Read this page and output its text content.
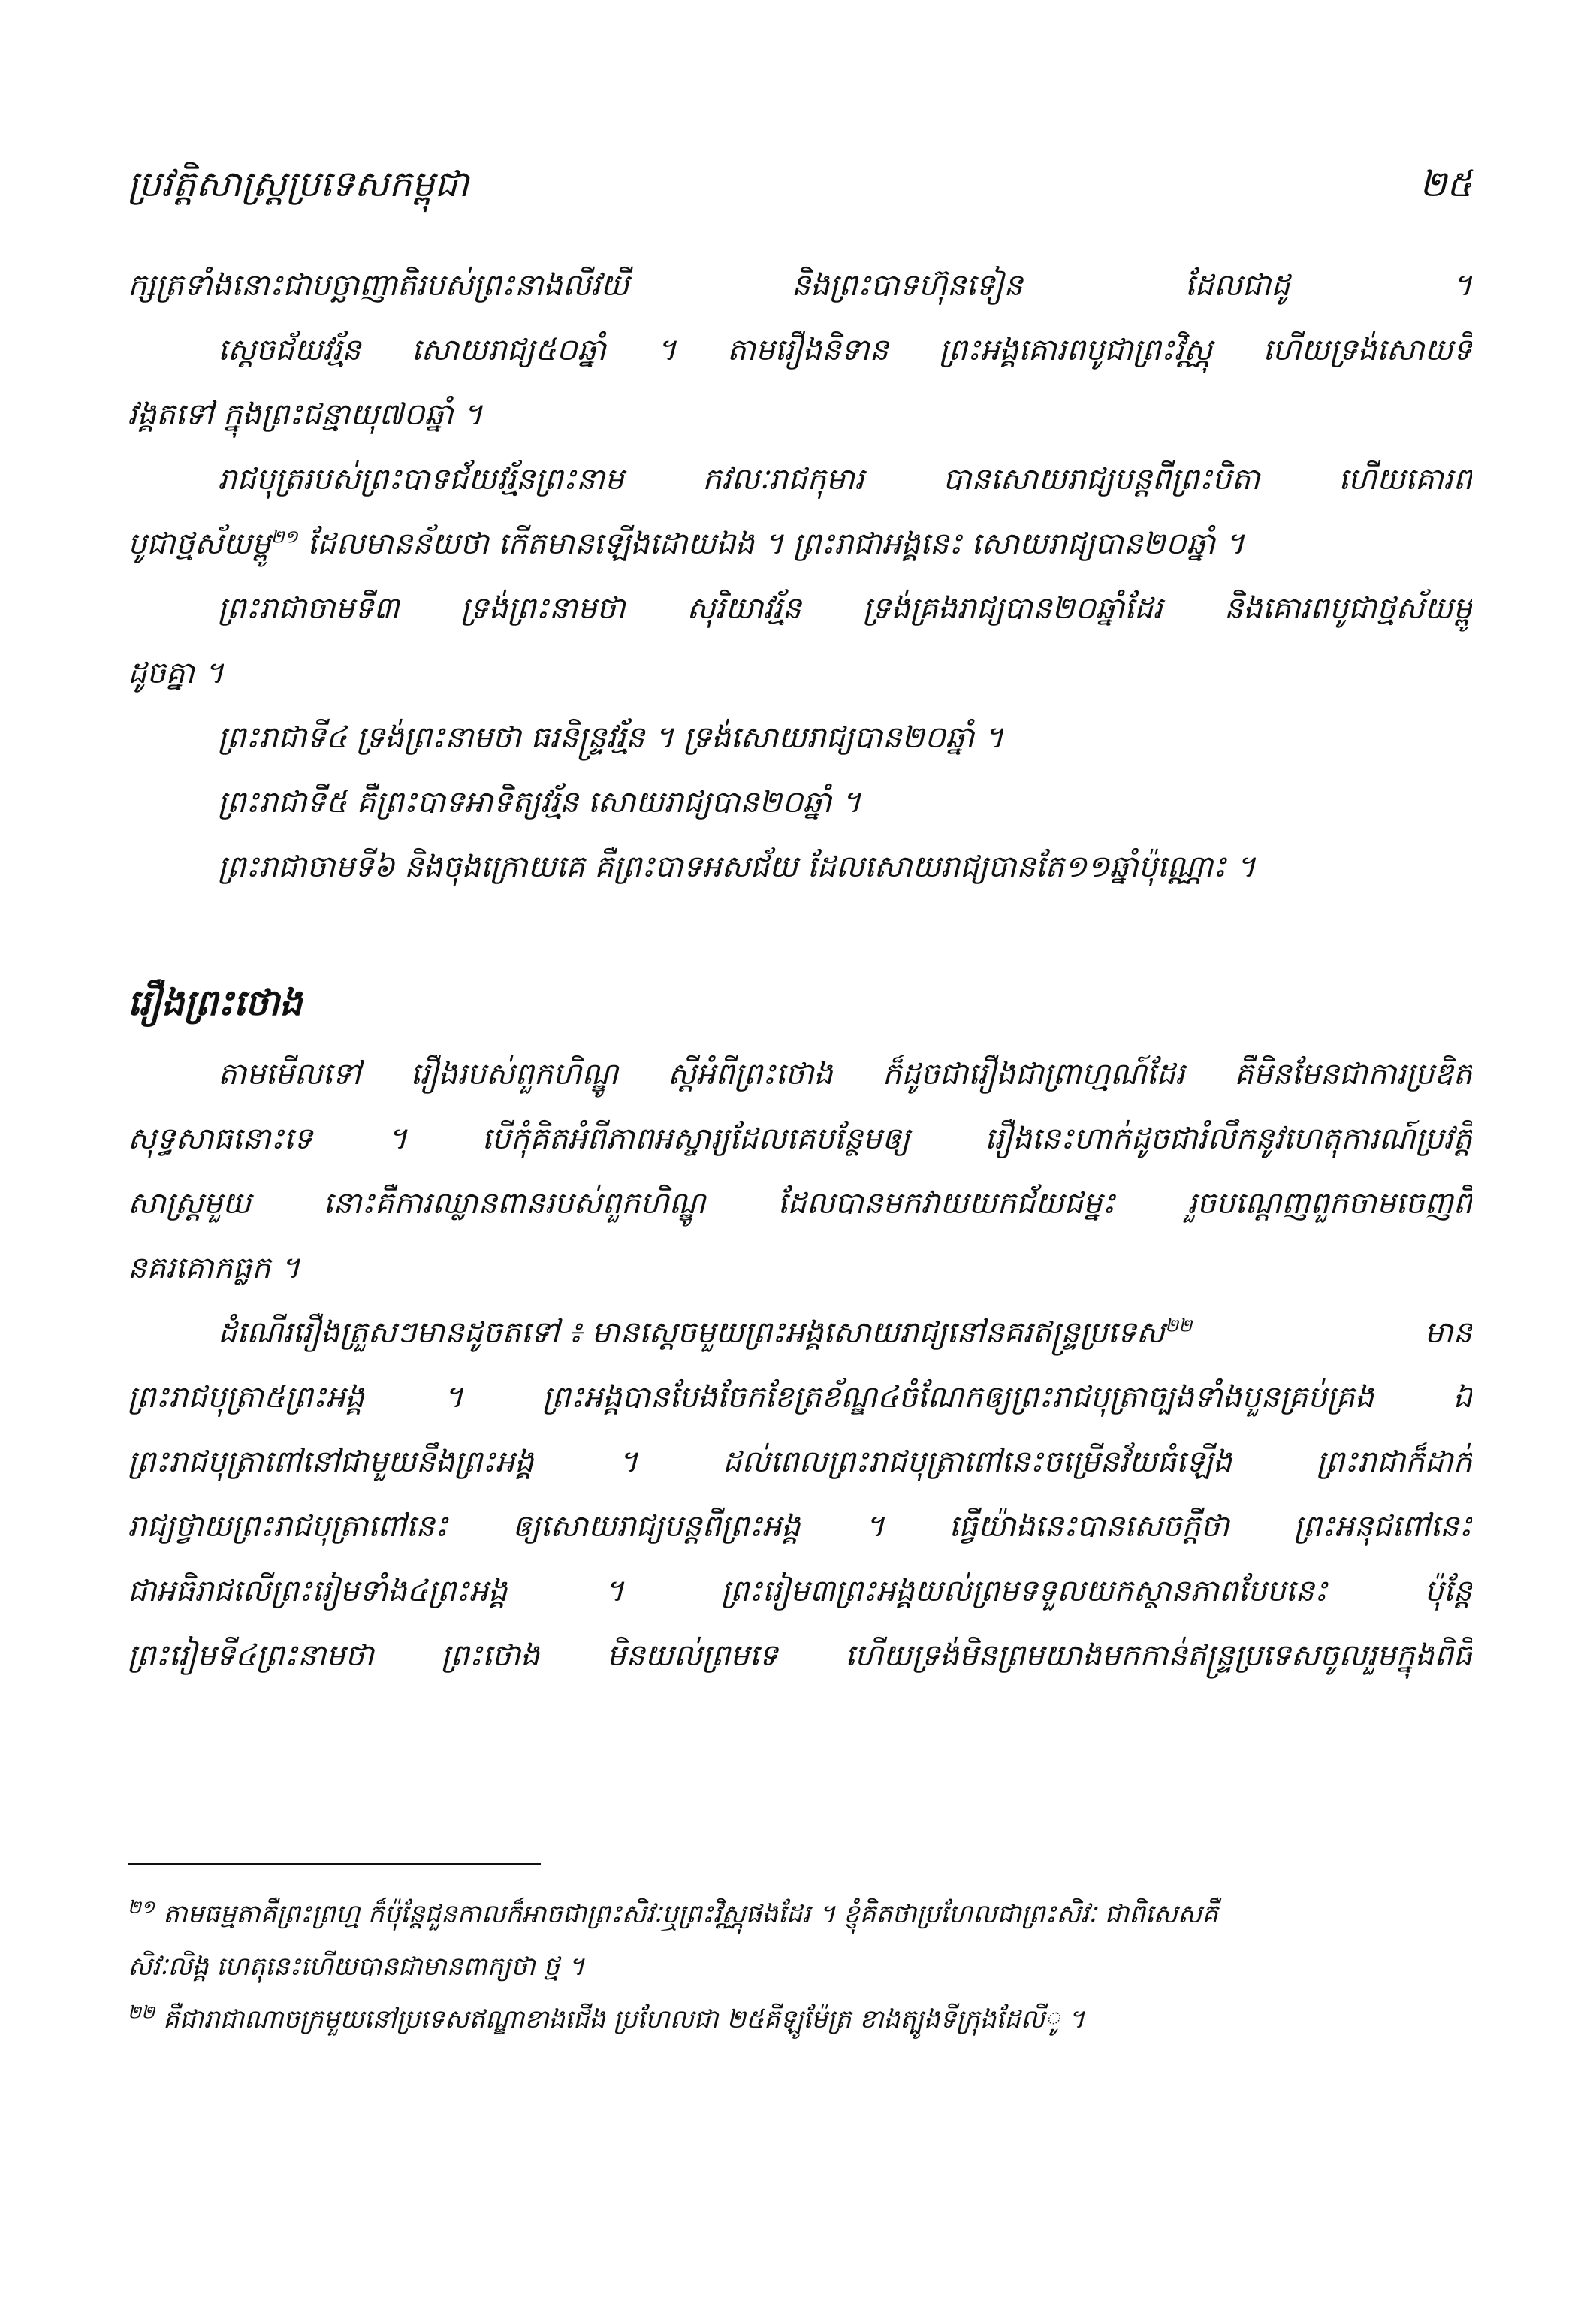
ប្រវត្តិសាស្ត្រប្រទេសកម្ពុជា	២៥
ក្សត្រទាំងនោះជាបច្ឆាញាតិរបស់ព្រះនាងលីវយី និងព្រះបាទហ៊ុនទៀន ដែលជាដូ ។
ស្ដេចជ័យវរ្ម័ន សោយរាជ្យ៥០ឆ្នាំ ។ តាមរឿងនិទាន ព្រះអង្គគោរពបូជាព្រះវិស្ណុ ហើយទ្រង់សោយទិ
វង្គតទៅ ក្នុងព្រះជន្មាយុ៧០ឆ្នាំ ។
រាជបុត្ររបស់ព្រះបាទជ័យវរ្ម័នព្រះនាម កវលៈរាជកុមារ បានសោយរាជ្យបន្តពីព្រះបិតា ហើយគោរព
បូជាថ្មស័យម្ពូ$^{២១}$ ដែលមានន័យថា កើតមានឡើងដោយឯង ។ ព្រះរាជាអង្គនេះ សោយរាជ្យបាន២០ឆ្នាំ ។
ព្រះរាជាចាមទី៣ ទ្រង់ព្រះនាមថា សុរិយាវរ្ម័ន ទ្រង់គ្រងរាជ្យបាន២០ឆ្នាំដែរ និងគោរពបូជាថ្មស័យម្ពូ
ដូចគ្នា ។
ព្រះរាជាទី៤ ទ្រង់ព្រះនាមថា ធរនិន្ទ្រវរ្ម័ន ។ ទ្រង់សោយរាជ្យបាន២០ឆ្នាំ ។
ព្រះរាជាទី៥ គឺព្រះបាទអាទិត្យវរ្ម័ន សោយរាជ្យបាន២០ឆ្នាំ ។
ព្រះរាជាចាមទី៦ និងចុងក្រោយគេ គឺព្រះបាទអសជ័យ ដែលសោយរាជ្យបានតែ១១ឆ្នាំប៉ុណ្ណោះ ។
រឿងព្រះថោង
តាមមើលទៅ រឿងរបស់ពួកហិណ្ឌូ ស្ដីអំពីព្រះថោង ក៏ដូចជារឿងជាព្រាហ្មណ៍ដែរ គឺមិនមែនជាការប្រឌិត
សុទ្ធសាធនោះទេ ។ បើកុំគិតអំពីភាពអស្ចារ្យដែលគេបន្ថែមឲ្យ រឿងនេះហាក់ដូចជារំលឹកនូវហេតុការណ៍ប្រវត្តិ
សាស្ត្រមួយ នោះគឺការឈ្លានពានរបស់ពួកហិណ្ឌូ ដែលបានមកវាយយកជ័យជម្នះ រួចបណ្ដេញពួកចាមចេញពី
នគរគោកធ្លក ។
ដំណើររឿងត្រួសៗមានដូចតទៅ ៖ មានស្ដេចមួយព្រះអង្គសោយរាជ្យនៅនគរឥន្ទ្រប្រទេស$^{២២}$	មាន
ព្រះរាជបុត្រា៥ព្រះអង្គ ។ ព្រះអង្គបានបែងចែកខែត្រខ័ណ្ឌ៤ចំណែកឲ្យព្រះរាជបុត្រាច្បងទាំងបួនគ្រប់គ្រង ឯ
ព្រះរាជបុត្រាពៅនៅជាមួយនឹងព្រះអង្គ ។ ដល់ពេលព្រះរាជបុត្រាពៅនេះចម្រើនវ័យធំឡើង ព្រះរាជាក៏ដាក់
រាជ្យថ្វាយព្រះរាជបុត្រាពៅនេះ ឲ្យសោយរាជ្យបន្តពីព្រះអង្គ ។ ធ្វើយ៉ាងនេះបានសេចក្ដីថា ព្រះអនុជពៅនេះ
ជាអធិរាជលើព្រះរៀមទាំង៤ព្រះអង្គ ។ ព្រះរៀម៣ព្រះអង្គយល់ព្រមទទួលយកស្ថានភាពបែបនេះ ប៉ុន្តែ
ព្រះរៀមទី៤ព្រះនាមថា ព្រះថោង មិនយល់ព្រមទេ ហើយទ្រង់មិនព្រមយាងមកកាន់ឥន្ទ្រប្រទេសចូលរួមក្នុងពិធី
$^{២១}$ តាមធម្មតាគឺព្រះព្រហ្ម ក៏ប៉ុន្តែជួនកាលក៏អាចជាព្រះសិវៈឬព្រះវិស្ណុផងដែរ ។ ខ្ញុំគិតថាប្រហែលជាព្រះសិវៈ ជាពិសេសគឺ
សិវៈលិង្គ ហេតុនេះហើយបានជាមានពាក្យថា ថ្ម ។
$^{២២}$ គឺជារាជាណាចក្រមួយនៅប្រទេសឥណ្ឌាខាងជើង ប្រហែលជា ២៥គីឡូម៉ែត្រ ខាងត្បូងទីក្រុងដែលីូ ។
